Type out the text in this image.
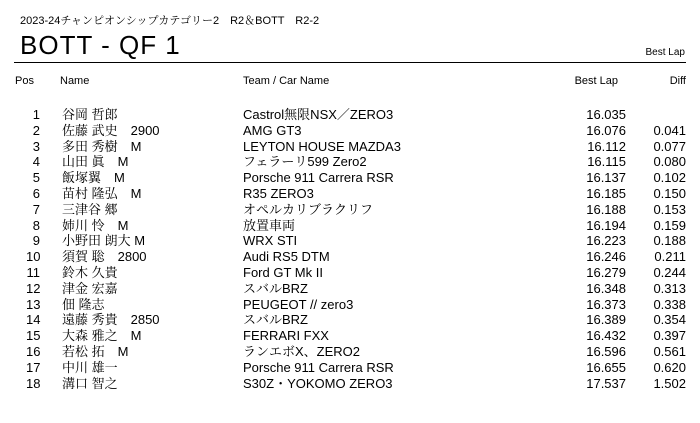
2023-24チャンピオンシップカテゴリー2　R2＆BOTT　R2-2
BOTT - QF 1	Best Lap
Pos Name	Team / Car Name	Best Lap	Diff
1 谷岡 哲郎	Castrol無限NSX／ZERO3	16.035
2 佐藤 武史　2900	AMG GT3	16.076 0.041
3 多田 秀樹　M	LEYTON HOUSE MAZDA3	16.112 0.077
4 山田 眞　M	フェラーリ599 Zero2	16.115 0.080
5 飯塚翼　M	Porsche 911 Carrera RSR	16.137 0.102
6 苗村 隆弘　M	R35 ZERO3	16.185 0.150
7 三津谷 郷	オペルカリブラクリフ	16.188 0.153
8 姉川 怜　M	放置車両	16.194 0.159
9 小野田 朗大 M	WRX STI	16.223 0.188
10 須賀 聡　2800	Audi RS5 DTM	16.246 0.211
11 鈴木 久貴	Ford GT Mk II	16.279 0.244
12 津金 宏嘉	スバルBRZ	16.348 0.313
13 佃 隆志	PEUGEOT // zero3	16.373 0.338
14 遠藤 秀貴　2850	スバルBRZ	16.389 0.354
15 大森 雅之　M	FERRARI FXX	16.432 0.397
16 若松 拓　M	ランエボX、ZERO2	16.596 0.561
17 中川 雄一	Porsche 911 Carrera RSR	16.655 0.620
18 溝口 智之	S30Z・YOKOMO ZERO3	17.537 1.502
